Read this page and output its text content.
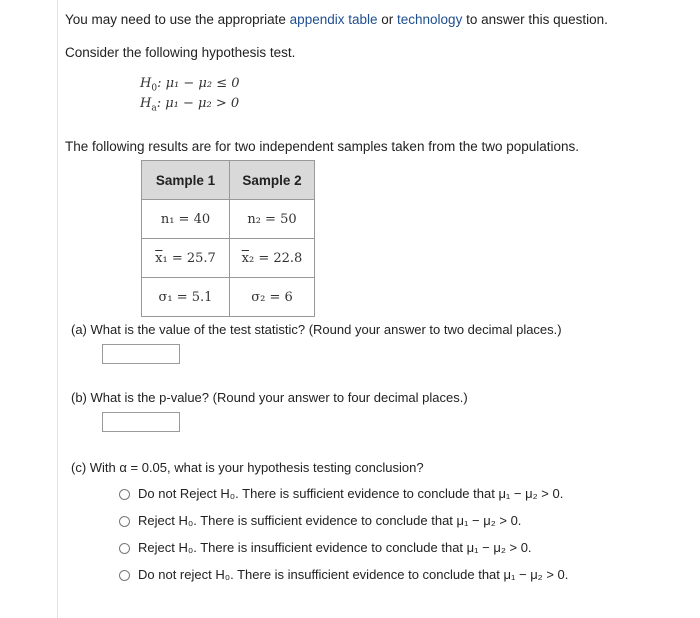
You may need to use the appropriate appendix table or technology to answer this question.
Consider the following hypothesis test.
$H_0$: μ₁ − μ₂ ≤ 0
$H_a$: μ₁ − μ₂ > 0
The following results are for two independent samples taken from the two populations.
Sample 1	Sample 2
n₁ = 40	n₂ = 50
$\overline{x}_1 = 25.7$	$\overline{x}_2 = 22.8$
σ₁ = 5.1	σ₂ = 6
(a) What is the value of the test statistic? (Round your answer to two decimal places.)
(b) What is the p-value? (Round your answer to four decimal places.)
(c) With α = 0.05, what is your hypothesis testing conclusion?
Do not Reject H₀. There is sufficient evidence to conclude that μ₁ − μ₂ > 0.
Reject H₀. There is sufficient evidence to conclude that μ₁ − μ₂ > 0.
Reject H₀. There is insufficient evidence to conclude that μ₁ − μ₂ > 0.
Do not reject H₀. There is insufficient evidence to conclude that μ₁ − μ₂ > 0.
